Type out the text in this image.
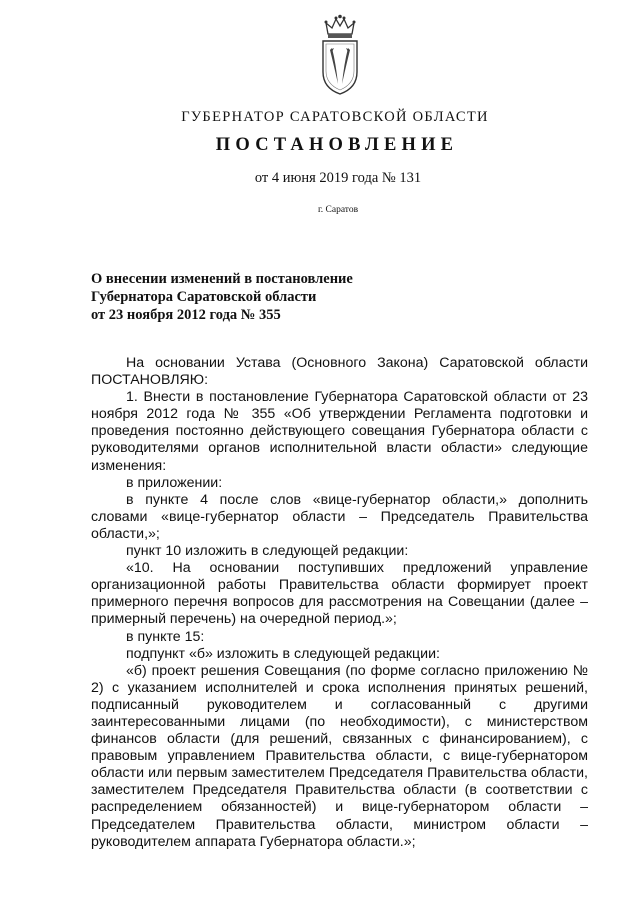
ГУБЕРНАТОР САРАТОВСКОЙ ОБЛАСТИ
ПОСТАНОВЛЕНИЕ
от 4 июня 2019 года № 131
г. Саратов
О внесении изменений в постановление
Губернатора Саратовской области
от 23 ноября 2012 года № 355

На основании Устава (Основного Закона) Саратовской области ПОСТАНОВЛЯЮ:

1. Внести в постановление Губернатора Саратовской области от 23 ноября 2012 года № 355 «Об утверждении Регламента подготовки и проведения постоянно действующего совещания Губернатора области с руководителями органов исполнительной власти области» следующие изменения:

в приложении:

в пункте 4 после слов «вице-губернатор области,» дополнить словами «вице-губернатор области – Председатель Правительства области,»;

пункт 10 изложить в следующей редакции:

«10. На основании поступивших предложений управление организационной работы Правительства области формирует проект примерного перечня вопросов для рассмотрения на Совещании (далее – примерный перечень) на очередной период.»;

в пункте 15:

подпункт «б» изложить в следующей редакции:

«б) проект решения Совещания (по форме согласно приложению № 2) с указанием исполнителей и срока исполнения принятых решений, подписанный руководителем и согласованный с другими заинтересованными лицами (по необходимости), с министерством финансов области (для решений, связанных с финансированием), с правовым управлением Правительства области, с вице-губернатором области или первым заместителем Председателя Правительства области, заместителем Председателя Правительства области (в соответствии с распределением обязанностей) и вице-губернатором области – Председателем Правительства области, министром области – руководителем аппарата Губернатора области.»;
